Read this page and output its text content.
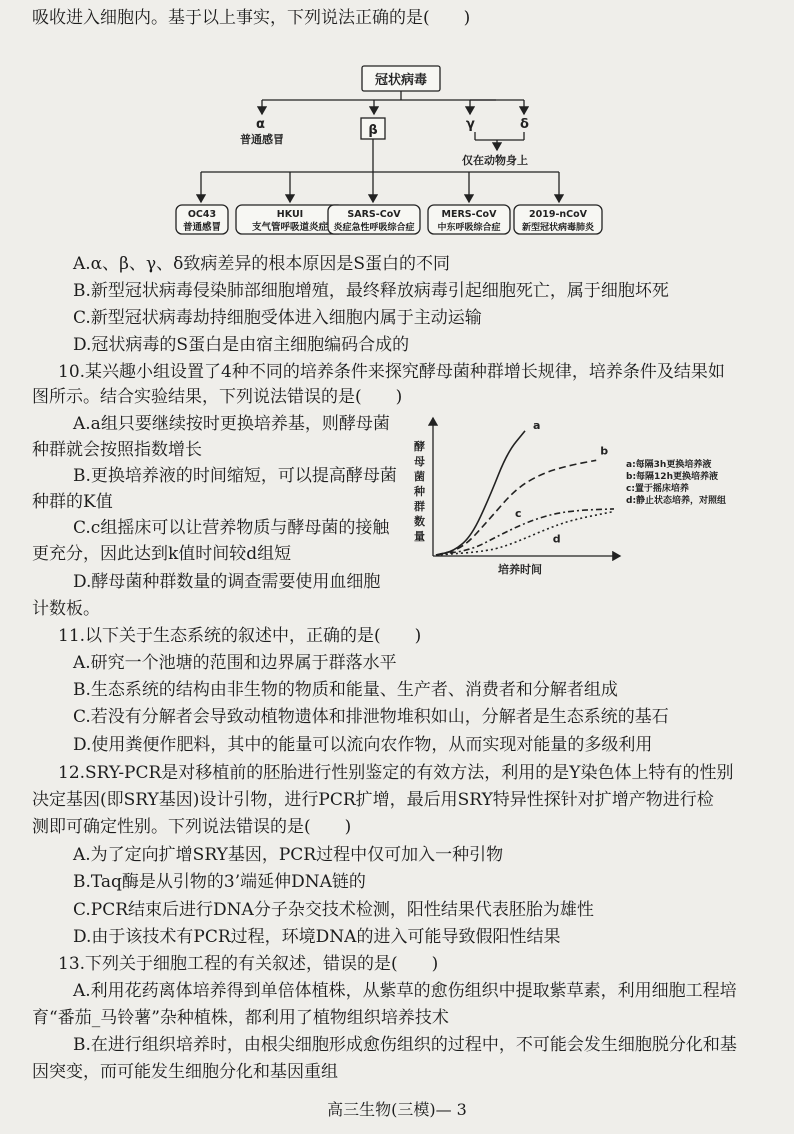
吸收进入细胞内。基于以上事实，下列说法正确的是(　　)
冠状病毒
α
普通感冒
β	γ	δ
仅在动物身上
OC43
普通感冒
HKUI
支气管呼吸道炎症
SARS-CoV
炎症急性呼吸综合症
MERS-CoV
中东呼吸综合症
2019-nCoV
新型冠状病毒肺炎
A.α、β、γ、δ致病差异的根本原因是S蛋白的不同
B.新型冠状病毒侵染肺部细胞增殖，最终释放病毒引起细胞死亡，属于细胞坏死
C.新型冠状病毒劫持细胞受体进入细胞内属于主动运输
D.冠状病毒的S蛋白是由宿主细胞编码合成的
10.某兴趣小组设置了4种不同的培养条件来探究酵母菌种群增长规律，培养条件及结果如
图所示。结合实验结果，下列说法错误的是(　　)
A.a组只要继续按时更换培养基，则酵母菌
种群就会按照指数增长
B.更换培养液的时间缩短，可以提高酵母菌
种群的K值
C.c组摇床可以让营养物质与酵母菌的接触
更充分，因此达到k值时间较d组短
D.酵母菌种群数量的调查需要使用血细胞
计数板。
酵
母
菌
种
群
数
量
培养时间
a
b
c
d
a:每隔3h更换培养液
b:每隔12h更换培养液
c:置于摇床培养
d:静止状态培养，对照组
11.以下关于生态系统的叙述中，正确的是(　　)
A.研究一个池塘的范围和边界属于群落水平
B.生态系统的结构由非生物的物质和能量、生产者、消费者和分解者组成
C.若没有分解者会导致动植物遗体和排泄物堆积如山，分解者是生态系统的基石
D.使用粪便作肥料，其中的能量可以流向农作物，从而实现对能量的多级利用
12.SRY-PCR是对移植前的胚胎进行性别鉴定的有效方法，利用的是Y染色体上特有的性别
决定基因(即SRY基因)设计引物，进行PCR扩增，最后用SRY特异性探针对扩增产物进行检
测即可确定性别。下列说法错误的是(　　)
A.为了定向扩增SRY基因，PCR过程中仅可加入一种引物
B.Taq酶是从引物的3’端延伸DNA链的
C.PCR结束后进行DNA分子杂交技术检测，阳性结果代表胚胎为雄性
D.由于该技术有PCR过程，环境DNA的进入可能导致假阳性结果
13.下列关于细胞工程的有关叙述，错误的是(　　)
A.利用花药离体培养得到单倍体植株，从紫草的愈伤组织中提取紫草素，利用细胞工程培
育“番茄_马铃薯”杂种植株，都利用了植物组织培养技术
B.在进行组织培养时，由根尖细胞形成愈伤组织的过程中，不可能会发生细胞脱分化和基
因突变，而可能发生细胞分化和基因重组
高三生物(三模)— 3
